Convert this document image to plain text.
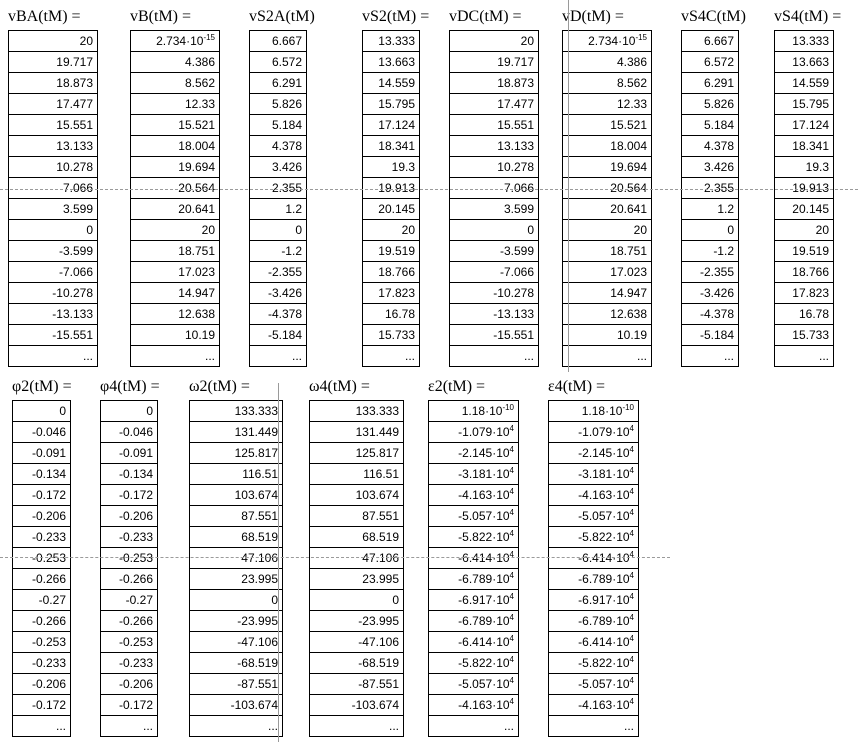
vBA(tM) =
20
19.717
18.873
17.477
15.551
13.133
10.278
7.066
3.599
0
-3.599
-7.066
-10.278
-13.133
-15.551
...
vB(tM) =
$2.734\cdot 10^{-15}$
4.386
8.562
12.33
15.521
18.004
19.694
20.564
20.641
20
18.751
17.023
14.947
12.638
10.19
...
vS2A(tM)
6.667
6.572
6.291
5.826
5.184
4.378
3.426
2.355
1.2
0
-1.2
-2.355
-3.426
-4.378
-5.184
...
vS2(tM) =
13.333
13.663
14.559
15.795
17.124
18.341
19.3
19.913
20.145
20
19.519
18.766
17.823
16.78
15.733
...
vDC(tM) =
20
19.717
18.873
17.477
15.551
13.133
10.278
7.066
3.599
0
-3.599
-7.066
-10.278
-13.133
-15.551
...
vD(tM) =
$2.734\cdot 10^{-15}$
4.386
8.562
12.33
15.521
18.004
19.694
20.564
20.641
20
18.751
17.023
14.947
12.638
10.19
...
vS4C(tM)
6.667
6.572
6.291
5.826
5.184
4.378
3.426
2.355
1.2
0
-1.2
-2.355
-3.426
-4.378
-5.184
...
vS4(tM) =
13.333
13.663
14.559
15.795
17.124
18.341
19.3
19.913
20.145
20
19.519
18.766
17.823
16.78
15.733
...
φ2(tM) =
0
-0.046
-0.091
-0.134
-0.172
-0.206
-0.233
-0.253
-0.266
-0.27
-0.266
-0.253
-0.233
-0.206
-0.172
...
φ4(tM) =
0
-0.046
-0.091
-0.134
-0.172
-0.206
-0.233
-0.253
-0.266
-0.27
-0.266
-0.253
-0.233
-0.206
-0.172
...
ω2(tM) =
133.333
131.449
125.817
116.51
103.674
87.551
68.519
47.106
23.995
0
-23.995
-47.106
-68.519
-87.551
-103.674
...
ω4(tM) =
133.333
131.449
125.817
116.51
103.674
87.551
68.519
47.106
23.995
0
-23.995
-47.106
-68.519
-87.551
-103.674
...
ε2(tM) =
$1.18\cdot 10^{-10}$
$-1.079\cdot 10^4$
$-2.145\cdot 10^4$
$-3.181\cdot 10^4$
$-4.163\cdot 10^4$
$-5.057\cdot 10^4$
$-5.822\cdot 10^4$
$-6.414\cdot 10^4$
$-6.789\cdot 10^4$
$-6.917\cdot 10^4$
$-6.789\cdot 10^4$
$-6.414\cdot 10^4$
$-5.822\cdot 10^4$
$-5.057\cdot 10^4$
$-4.163\cdot 10^4$
...
ε4(tM) =
$1.18\cdot 10^{-10}$
$-1.079\cdot 10^4$
$-2.145\cdot 10^4$
$-3.181\cdot 10^4$
$-4.163\cdot 10^4$
$-5.057\cdot 10^4$
$-5.822\cdot 10^4$
$-6.414\cdot 10^4$
$-6.789\cdot 10^4$
$-6.917\cdot 10^4$
$-6.789\cdot 10^4$
$-6.414\cdot 10^4$
$-5.822\cdot 10^4$
$-5.057\cdot 10^4$
$-4.163\cdot 10^4$
...
